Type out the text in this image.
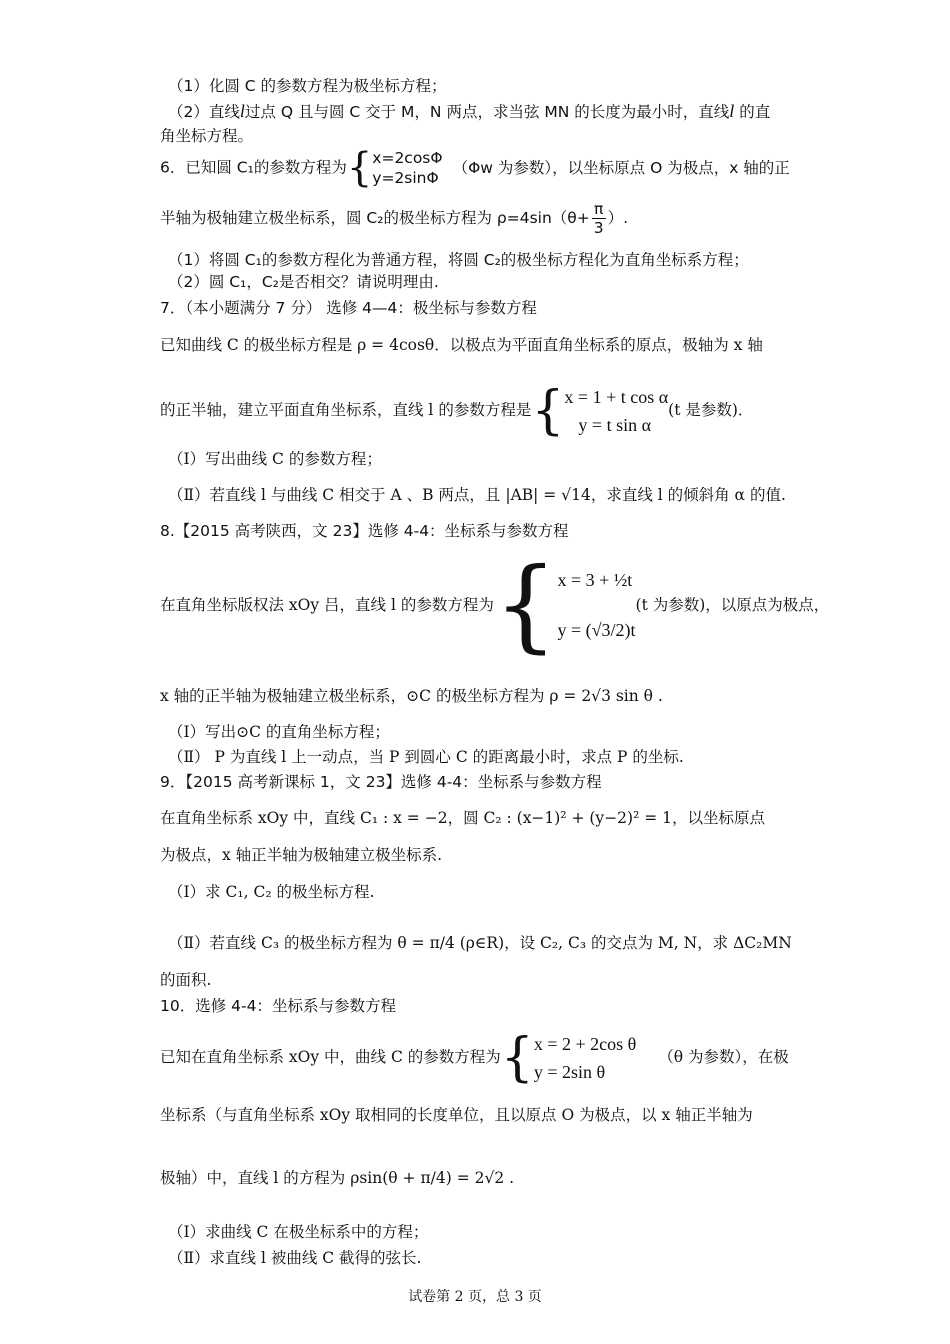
（1）化圆 C 的参数方程为极坐标方程；
（2）直线l过点 Q 且与圆 C 交于 M，N 两点，求当弦 MN 的长度为最小时，直线l 的直
角坐标方程。
6．已知圆 C₁的参数方程为{ x=2cosΦ
y=2sinΦ
（Φw 为参数），以坐标原点 O 为极点，x 轴的正
半轴为极轴建立极坐标系，圆 C₂的极坐标方程为 $\rho=4\sin(\theta+ \frac{\pi}{3}$ ）.
（1）将圆 C₁的参数方程化为普通方程，将圆 C₂的极坐标方程化为直角坐标系方程；
（2）圆 C₁，C₂是否相交？请说明理由.
7．（本小题满分 7 分） 选修 4—4：极坐标与参数方程
已知曲线 C 的极坐标方程是 ρ = 4cosθ．以极点为平面直角坐标系的原点，极轴为 x 轴
的正半轴，建立平面直角坐标系，直线 l 的参数方程是{ x = 1 + t cos α
y = t sin α
(t 是参数)．
（Ⅰ）写出曲线 C 的参数方程；
（Ⅱ）若直线 l 与曲线 C 相交于 A 、B 两点，且 |AB| = √14，求直线 l 的倾斜角 α 的值.
8.【2015 高考陕西，文 23】选修 4-4：坐标系与参数方程
在直角坐标版权法 xOy 吕，直线 l 的参数方程为{ x = 3 + ½t
y = (√3/2)t
(t 为参数)，以原点为极点，
x 轴的正半轴为极轴建立极坐标系，⊙C 的极坐标方程为 ρ = 2√3 sin θ .
（Ⅰ）写出⊙C 的直角坐标方程；
（Ⅱ） P 为直线 l 上一动点，当 P 到圆心 C 的距离最小时，求点 P 的坐标.
9．【2015 高考新课标 1，文 23】选修 4-4：坐标系与参数方程
在直角坐标系 xOy 中，直线 C₁ : x = −2，圆 C₂ : (x−1)² + (y−2)² = 1，以坐标原点
为极点，x 轴正半轴为极轴建立极坐标系.
（Ⅰ）求 C₁, C₂ 的极坐标方程.
（Ⅱ）若直线 C₃ 的极坐标方程为 θ = π/4 (ρ∈R)，设 C₂, C₃ 的交点为 M, N，求 ΔC₂MN
的面积.
10．选修 4-4：坐标系与参数方程
已知在直角坐标系 xOy 中，曲线 C 的参数方程为{ x = 2 + 2cos θ
y = 2sin θ
（θ 为参数），在极
坐标系（与直角坐标系 xOy 取相同的长度单位，且以原点 O 为极点，以 x 轴正半轴为
极轴）中，直线 l 的方程为 ρsin(θ + π/4) = 2√2 .
（Ⅰ）求曲线 C 在极坐标系中的方程；
（Ⅱ）求直线 l 被曲线 C 截得的弦长.
试卷第 2 页，总 3 页
